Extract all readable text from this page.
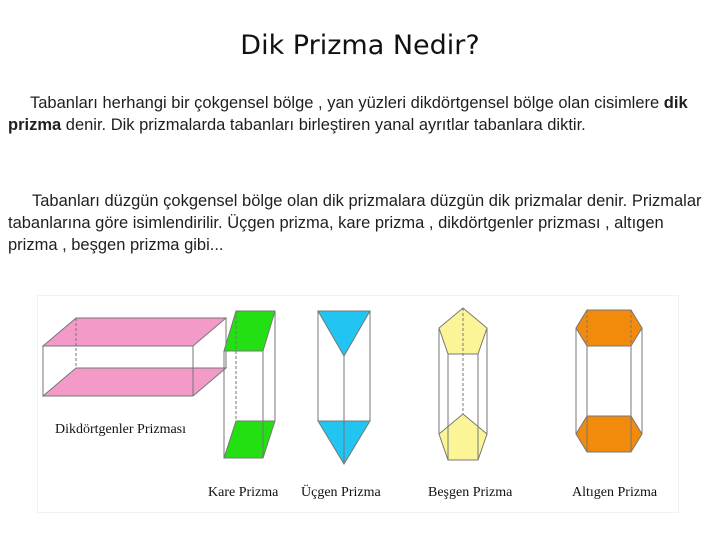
Dik Prizma Nedir?
Tabanları herhangi bir çokgensel bölge , yan yüzleri dikdörtgensel bölge olan cisimlere dik prizma denir. Dik prizmalarda tabanları birleştiren yanal ayrıtlar tabanlara diktir.
Tabanları düzgün çokgensel bölge olan dik prizmalara düzgün dik prizmalar denir. Prizmalar tabanlarına göre isimlendirilir. Üçgen prizma, kare prizma , dikdörtgenler prizması , altıgen prizma , beşgen prizma gibi...
Dikdörtgenler Prizması
Kare Prizma Üçgen Prizma	Beşgen Prizma	Altıgen Prizma
